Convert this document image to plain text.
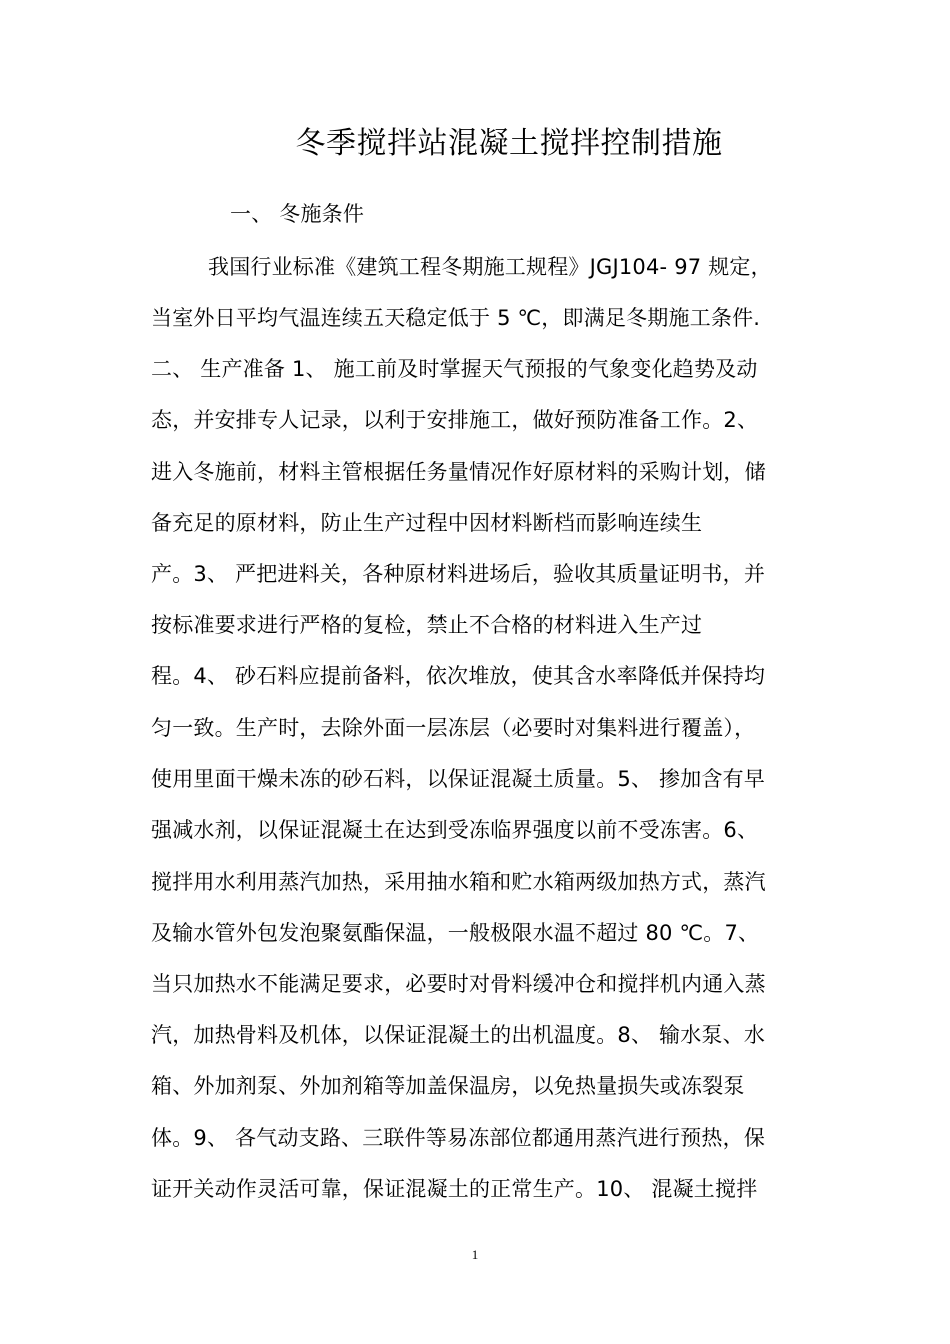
冬季搅拌站混凝土搅拌控制措施
一、 冬施条件
我国行业标准《建筑工程冬期施工规程》JGJ104- 97 规定，
当室外日平均气温连续五天稳定低于 5 ℃，即满足冬期施工条件.
二、 生产准备 1、 施工前及时掌握天气预报的气象变化趋势及动
态，并安排专人记录，以利于安排施工，做好预防准备工作。2、
进入冬施前，材料主管根据任务量情况作好原材料的采购计划，储
备充足的原材料，防止生产过程中因材料断档而影响连续生
产。3、 严把进料关，各种原材料进场后，验收其质量证明书，并
按标准要求进行严格的复检，禁止不合格的材料进入生产过
程。4、 砂石料应提前备料，依次堆放，使其含水率降低并保持均
匀一致。生产时，去除外面一层冻层（必要时对集料进行覆盖），
使用里面干燥未冻的砂石料，以保证混凝土质量。5、 掺加含有早
强减水剂，以保证混凝土在达到受冻临界强度以前不受冻害。6、
搅拌用水利用蒸汽加热，采用抽水箱和贮水箱两级加热方式，蒸汽
及输水管外包发泡聚氨酯保温，一般极限水温不超过 80 ℃。7、
当只加热水不能满足要求，必要时对骨料缓冲仓和搅拌机内通入蒸
汽，加热骨料及机体，以保证混凝土的出机温度。8、 输水泵、水
箱、外加剂泵、外加剂箱等加盖保温房，以免热量损失或冻裂泵
体。9、 各气动支路、三联件等易冻部位都通用蒸汽进行预热，保
证开关动作灵活可靠，保证混凝土的正常生产。10、 混凝土搅拌
1
